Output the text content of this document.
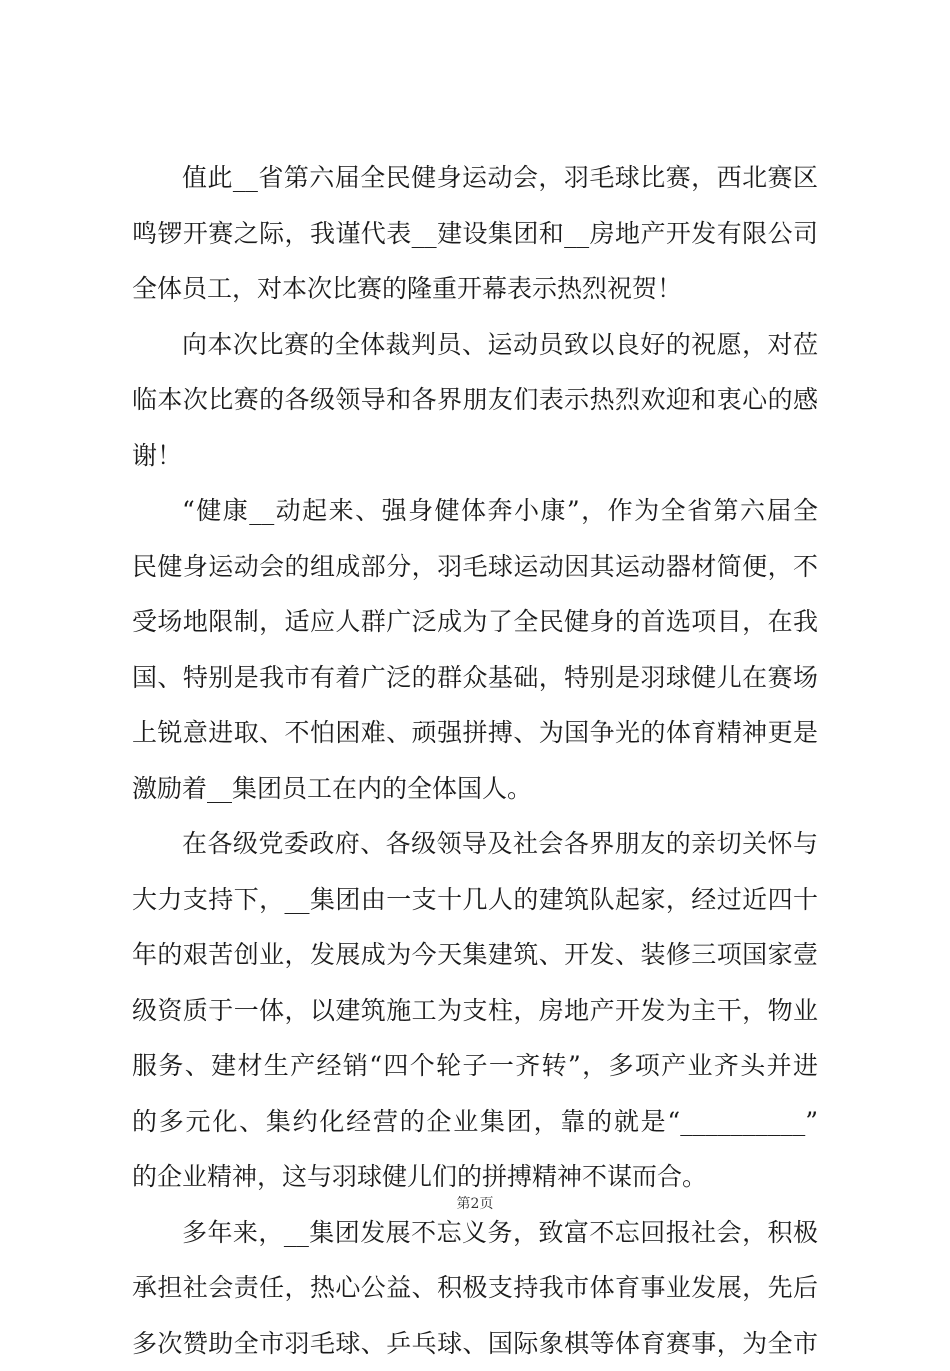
值此__省第六届全民健身运动会，羽毛球比赛，西北赛区
鸣锣开赛之际，我谨代表__建设集团和__房地产开发有限公司
全体员工，对本次比赛的隆重开幕表示热烈祝贺！
向本次比赛的全体裁判员、运动员致以良好的祝愿，对莅
临本次比赛的各级领导和各界朋友们表示热烈欢迎和衷心的感
谢！
“健康__动起来、强身健体奔小康”，作为全省第六届全
民健身运动会的组成部分，羽毛球运动因其运动器材简便，不
受场地限制，适应人群广泛成为了全民健身的首选项目，在我
国、特别是我市有着广泛的群众基础，特别是羽球健儿在赛场
上锐意进取、不怕困难、顽强拼搏、为国争光的体育精神更是
激励着__集团员工在内的全体国人。
在各级党委政府、各级领导及社会各界朋友的亲切关怀与
大力支持下，__集团由一支十几人的建筑队起家，经过近四十
年的艰苦创业，发展成为今天集建筑、开发、装修三项国家壹
级资质于一体，以建筑施工为支柱，房地产开发为主干，物业
服务、建材生产经销“四个轮子一齐转”，多项产业齐头并进
的多元化、集约化经营的企业集团，靠的就是“__________”
的企业精神，这与羽球健儿们的拼搏精神不谋而合。
多年来，__集团发展不忘义务，致富不忘回报社会，积极
承担社会责任，热心公益、积极支持我市体育事业发展，先后
多次赞助全市羽毛球、乒乓球、国际象棋等体育赛事，为全市
第2页
